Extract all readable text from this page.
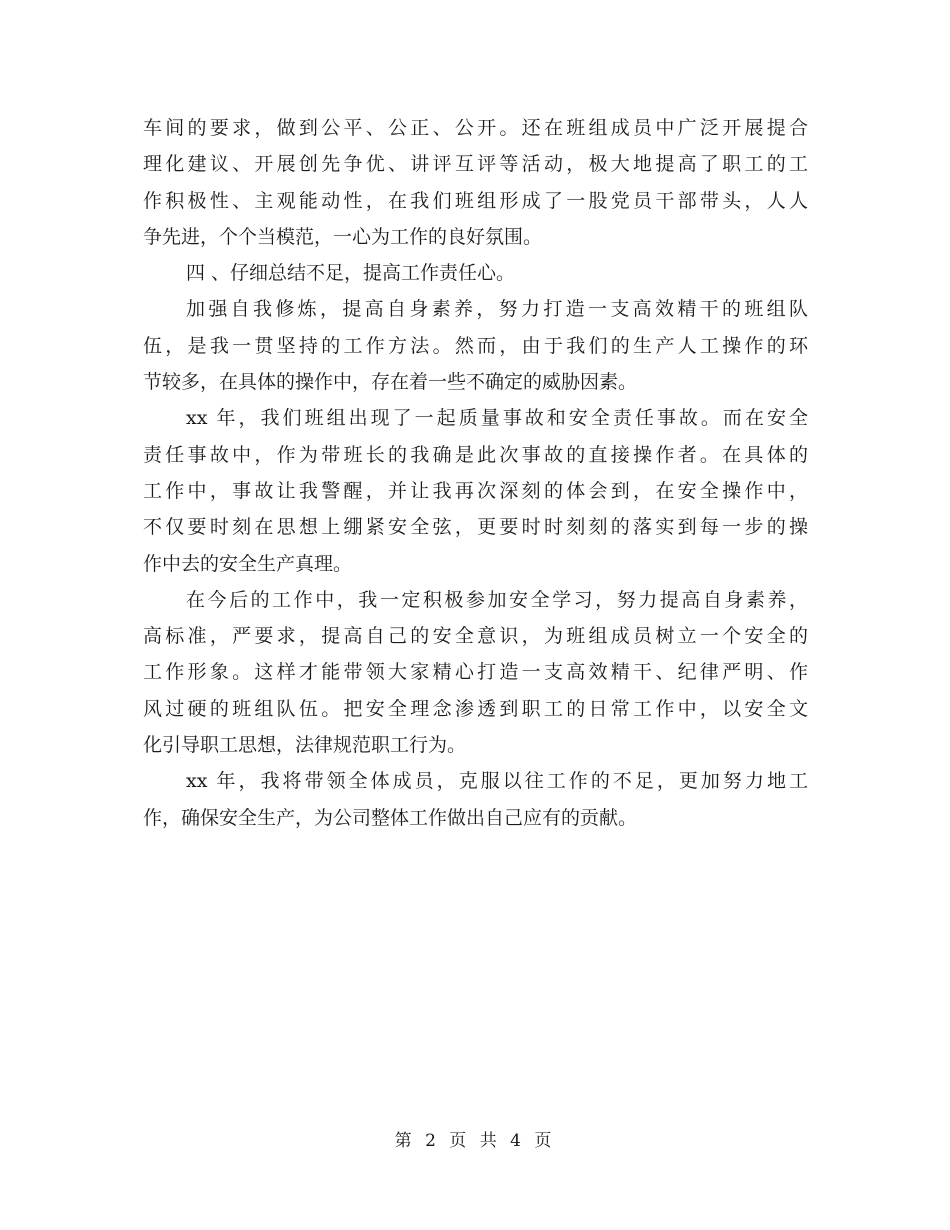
车间的要求，做到公平、公正、公开。还在班组成员中广泛开展提合
理化建议、开展创先争优、讲评互评等活动，极大地提高了职工的工
作积极性、主观能动性，在我们班组形成了一股党员干部带头，人人
争先进，个个当模范，一心为工作的良好氛围。
四 、仔细总结不足，提高工作责任心。
加强自我修炼，提高自身素养，努力打造一支高效精干的班组队
伍，是我一贯坚持的工作方法。然而，由于我们的生产人工操作的环
节较多，在具体的操作中，存在着一些不确定的威胁因素。
xx 年，我们班组出现了一起质量事故和安全责任事故。而在安全
责任事故中，作为带班长的我确是此次事故的直接操作者。在具体的
工作中，事故让我警醒，并让我再次深刻的体会到，在安全操作中，
不仅要时刻在思想上绷紧安全弦，更要时时刻刻的落实到每一步的操
作中去的安全生产真理。
在今后的工作中，我一定积极参加安全学习，努力提高自身素养，
高标准，严要求，提高自己的安全意识，为班组成员树立一个安全的
工作形象。这样才能带领大家精心打造一支高效精干、纪律严明、作
风过硬的班组队伍。把安全理念渗透到职工的日常工作中，以安全文
化引导职工思想，法律规范职工行为。
xx 年，我将带领全体成员，克服以往工作的不足，更加努力地工
作，确保安全生产，为公司整体工作做出自己应有的贡献。
第 2 页 共 4 页
